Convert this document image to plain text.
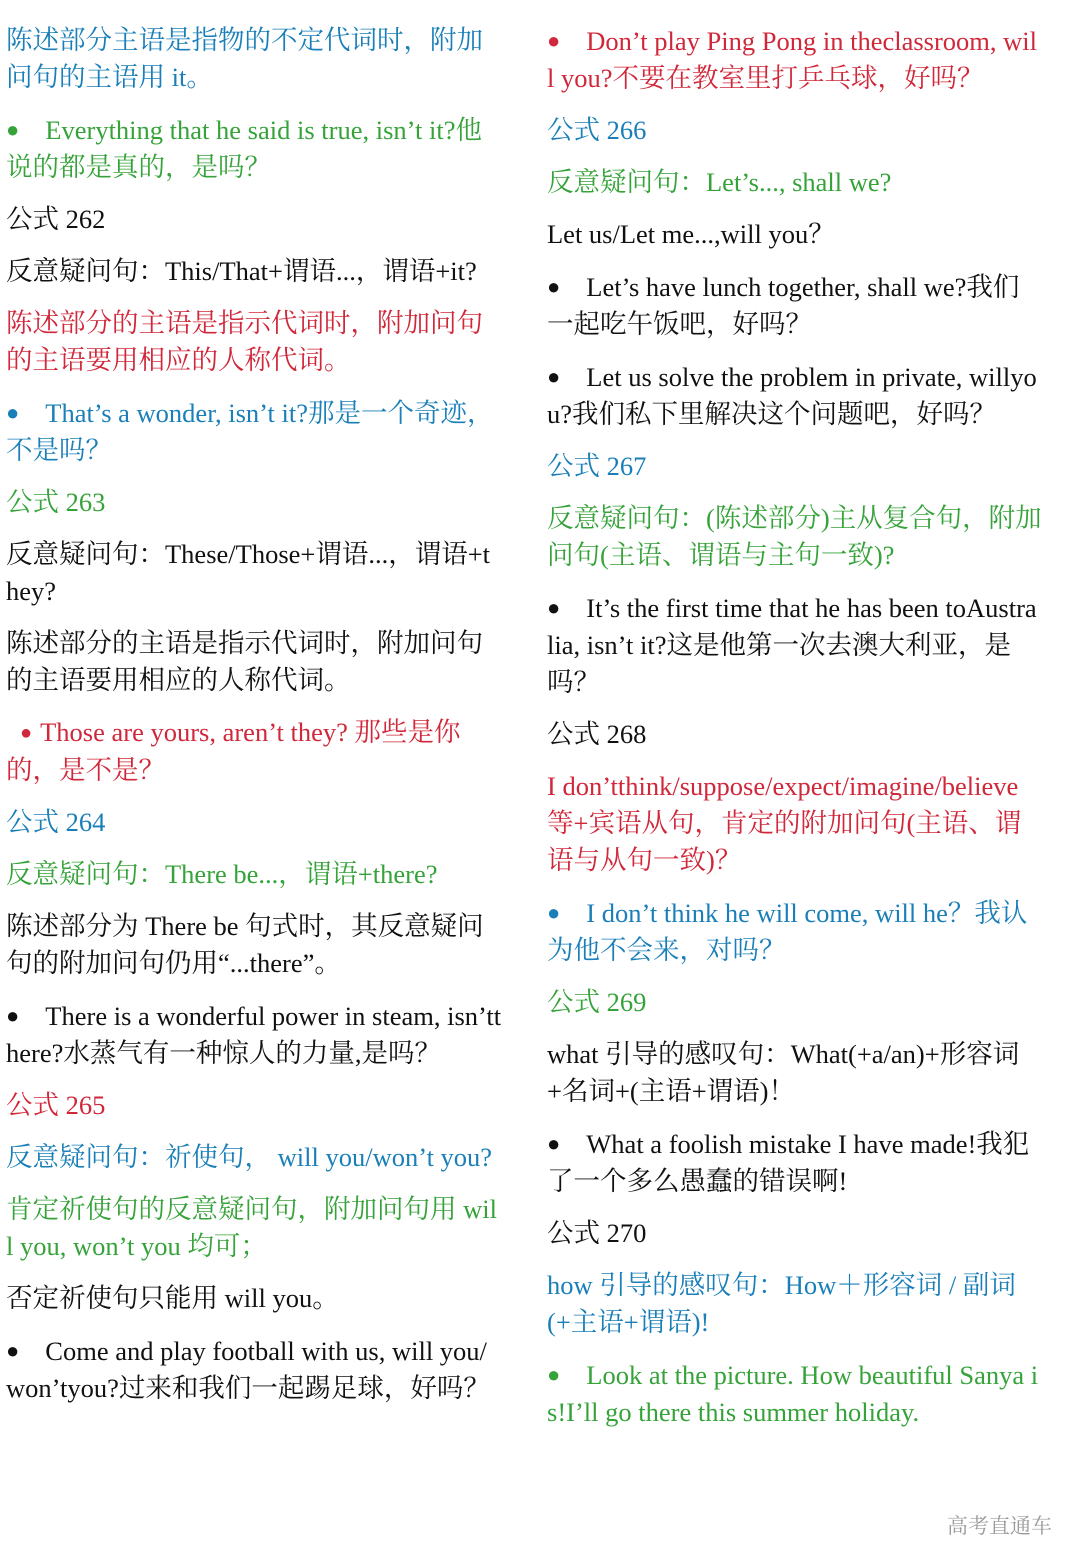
陈述部分主语是指物的不定代词时，附加问句的主语用 it。

● Everything that he said is true, isn’t it?他说的都是真的，是吗？

公式 262

反意疑问句：This/That+谓语...，谓语+it?

陈述部分的主语是指示代词时，附加问句的主语要用相应的人称代词。

● That’s a wonder, isn’t it?那是一个奇迹，不是吗？

公式 263

反意疑问句：These/Those+谓语...，谓语+they?

陈述部分的主语是指示代词时，附加问句的主语要用相应的人称代词。

● Those are yours, aren’t they? 那些是你的，是不是？

公式 264

反意疑问句：There be...，谓语+there?

陈述部分为 There be 句式时，其反意疑问句的附加问句仍用“...there”。

● There is a wonderful power in steam, isn’tthere?水蒸气有一种惊人的力量,是吗？

公式 265

反意疑问句：祈使句， will you/won’t you?

肯定祈使句的反意疑问句，附加问句用 will you, won’t you 均可；

否定祈使句只能用 will you。

● Come and play football with us, will you/won’tyou?过来和我们一起踢足球，好吗？

● Don’t play Ping Pong in theclassroom, will you?不要在教室里打乒乓球，好吗？

公式 266

反意疑问句：Let’s..., shall we?

Let us/Let me...,will you？

● Let’s have lunch together, shall we?我们一起吃午饭吧，好吗？

● Let us solve the problem in private, willyou?我们私下里解决这个问题吧，好吗？

公式 267

反意疑问句：(陈述部分)主从复合句，附加问句(主语、谓语与主句一致)?

● It’s the first time that he has been toAustralia, isn’t it?这是他第一次去澳大利亚，是吗？

公式 268

I don’tthink/suppose/expect/imagine/believe 等+宾语从句，肯定的附加问句(主语、谓语与从句一致)？

● I don’t think he will come, will he？我认为他不会来，对吗？

公式 269

what 引导的感叹句：What(+a/an)+形容词+名词+(主语+谓语)！

● What a foolish mistake I have made!我犯了一个多么愚蠢的错误啊!

公式 270

how 引导的感叹句：How＋形容词 / 副词(+主语+谓语)!

● Look at the picture. How beautiful Sanya is!I’ll go there this summer holiday.

高考直通车
